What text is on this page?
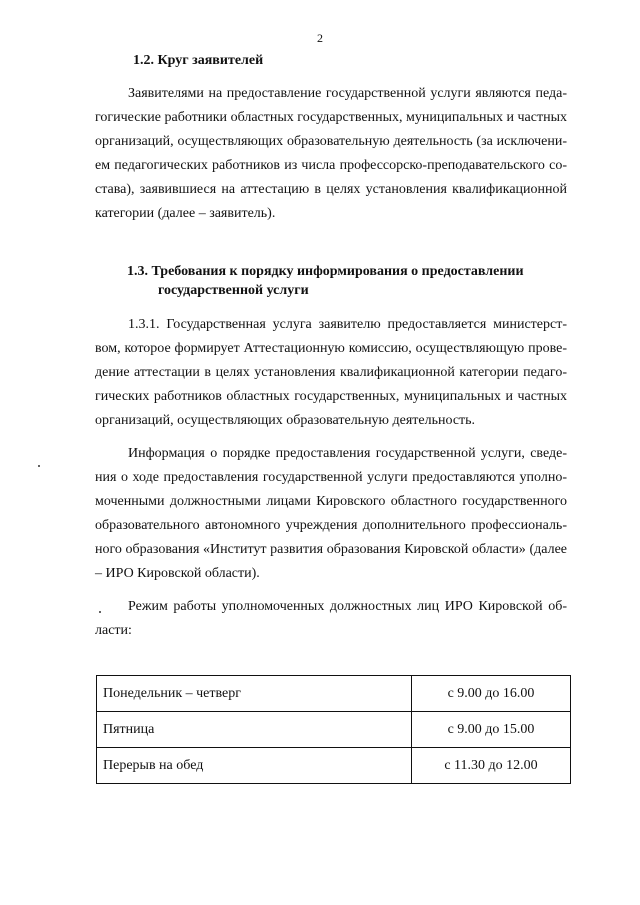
2
1.2. Круг заявителей

Заявителями на предоставление государственной услуги являются педагогические работники областных государственных, муниципальных и частных организаций, осуществляющих образовательную деятельность (за исключением педагогических работников из числа профессорско-преподавательского состава), заявившиеся на аттестацию в целях установления квалификационной категории (далее – заявитель).

1.3. Требования к порядку информирования о предоставлении
государственной услуги

1.3.1. Государственная услуга заявителю предоставляется министерством, которое формирует Аттестационную комиссию, осуществляющую проведение аттестации в целях установления квалификационной категории педагогических работников областных государственных, муниципальных и частных организаций, осуществляющих образовательную деятельность.

Информация о порядке предоставления государственной услуги, сведения о ходе предоставления государственной услуги предоставляются уполномоченными должностными лицами Кировского областного государственного образовательного автономного учреждения дополнительного профессионального образования «Институт развития образования Кировской области» (далее – ИРО Кировской области).

Режим работы уполномоченных должностных лиц ИРО Кировской области:

Понедельник – четверг	с 9.00 до 16.00
Пятница	с 9.00 до 15.00
Перерыв на обед	с 11.30 до 12.00
